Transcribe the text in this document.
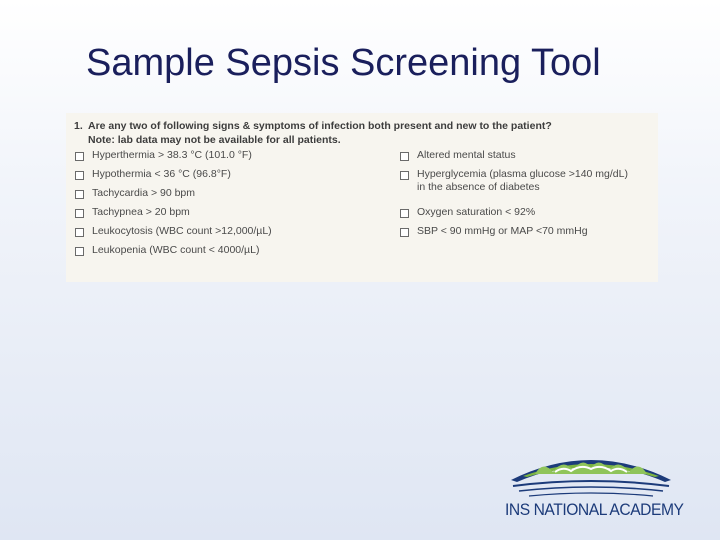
Sample Sepsis Screening Tool
1. Are any two of following signs & symptoms of infection both present and new to the patient?
Note: lab data may not be available for all patients.
Hyperthermia > 38.3 °C (101.0 °F)
Hypothermia < 36 °C (96.8°F)
Tachycardia > 90 bpm
Tachypnea > 20 bpm
Leukocytosis (WBC count >12,000/µL)
Leukopenia (WBC count < 4000/µL)
Altered mental status
Hyperglycemia (plasma glucose >140 mg/dL)
in the absence of diabetes
Oxygen saturation < 92%
SBP < 90 mmHg or MAP <70 mmHg
INS NATIONAL ACADEMY
